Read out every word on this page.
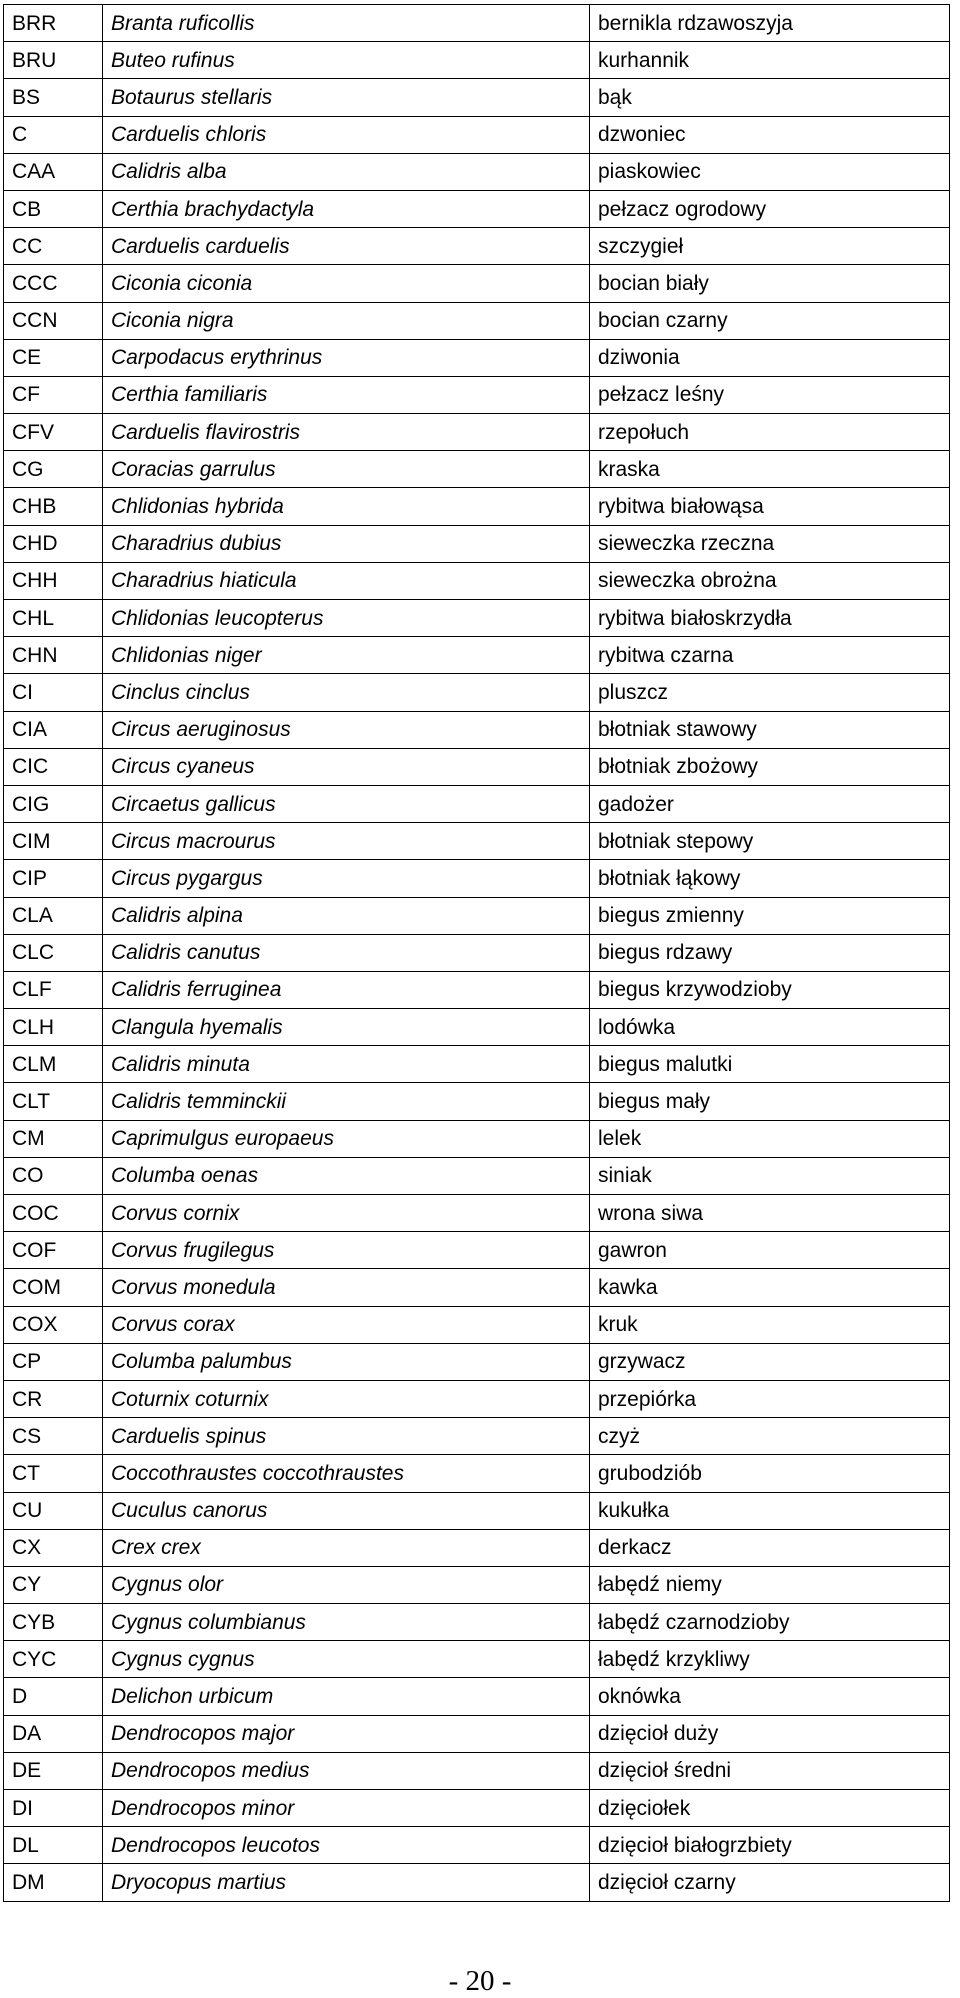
BRR	Branta ruficollis	bernikla rdzawoszyja
BRU	Buteo rufinus	kurhannik
BS	Botaurus stellaris	bąk
C	Carduelis chloris	dzwoniec
CAA	Calidris alba	piaskowiec
CB	Certhia brachydactyla	pełzacz ogrodowy
CC	Carduelis carduelis	szczygieł
CCC	Ciconia ciconia	bocian biały
CCN	Ciconia nigra	bocian czarny
CE	Carpodacus erythrinus	dziwonia
CF	Certhia familiaris	pełzacz leśny
CFV	Carduelis flavirostris	rzepołuch
CG	Coracias garrulus	kraska
CHB	Chlidonias hybrida	rybitwa białowąsa
CHD	Charadrius dubius	sieweczka rzeczna
CHH	Charadrius hiaticula	sieweczka obrożna
CHL	Chlidonias leucopterus	rybitwa białoskrzydła
CHN	Chlidonias niger	rybitwa czarna
CI	Cinclus cinclus	pluszcz
CIA	Circus aeruginosus	błotniak stawowy
CIC	Circus cyaneus	błotniak zbożowy
CIG	Circaetus gallicus	gadożer
CIM	Circus macrourus	błotniak stepowy
CIP	Circus pygargus	błotniak łąkowy
CLA	Calidris alpina	biegus zmienny
CLC	Calidris canutus	biegus rdzawy
CLF	Calidris ferruginea	biegus krzywodzioby
CLH	Clangula hyemalis	lodówka
CLM	Calidris minuta	biegus malutki
CLT	Calidris temminckii	biegus mały
CM	Caprimulgus europaeus	lelek
CO	Columba oenas	siniak
COC	Corvus cornix	wrona siwa
COF	Corvus frugilegus	gawron
COM	Corvus monedula	kawka
COX	Corvus corax	kruk
CP	Columba palumbus	grzywacz
CR	Coturnix coturnix	przepiórka
CS	Carduelis spinus	czyż
CT	Coccothraustes coccothraustes	grubodziób
CU	Cuculus canorus	kukułka
CX	Crex crex	derkacz
CY	Cygnus olor	łabędź niemy
CYB	Cygnus columbianus	łabędź czarnodzioby
CYC	Cygnus cygnus	łabędź krzykliwy
D	Delichon urbicum	oknówka
DA	Dendrocopos major	dzięcioł duży
DE	Dendrocopos medius	dzięcioł średni
DI	Dendrocopos minor	dzięciołek
DL	Dendrocopos leucotos	dzięcioł białogrzbiety
DM	Dryocopus martius	dzięcioł czarny
- 20 -
